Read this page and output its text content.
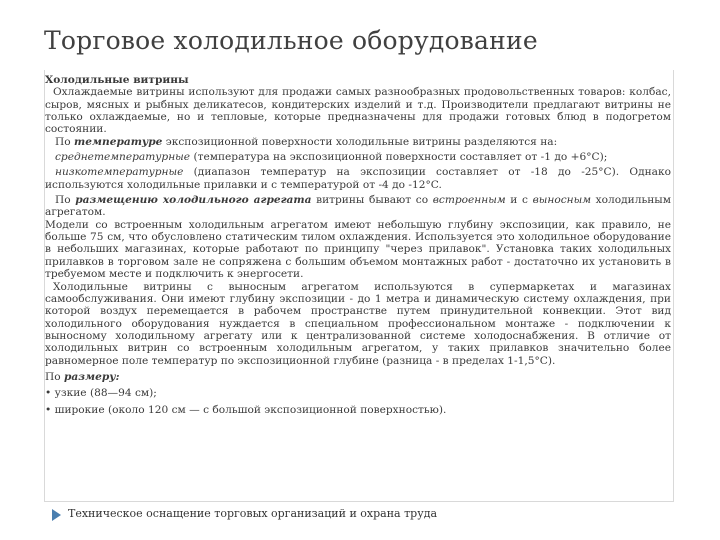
Торговое холодильное оборудование

Холодильные витрины

Охлаждаемые витрины используют для продажи самых разнообразных продовольственных товаров: колбас, сыров, мясных и рыбных деликатесов, кондитерских изделий и т.д. Производители предлагают витрины не только охлаждаемые, но и тепловые, которые предназначены для продажи готовых блюд в подогретом состоянии.

По температуре экспозиционной поверхности холодильные витрины разделяются на:

среднетемпературные (температура на экспозиционной поверхности составляет от -1 до +6°C);

низкотемпературные (диапазон температур на экспозиции составляет от -18 до -25°C). Однако используются холодильные прилавки и с температурой от -4 до -12°C.

По размещению холодильного агрегата витрины бывают со встроенным и с выносным холодильным агрегатом.

Модели со встроенным холодильным агрегатом имеют небольшую глубину экспозиции, как правило, не больше 75 см, что обусловлено статическим тилом охлаждения. Используется это холодильное оборудование в небольших магазинах, которые работают по принципу "через прилавок". Установка таких холодильных прилавков в торговом зале не сопряжена с большим объемом монтажных работ - достаточно их установить в требуемом месте и подключить к энергосети.

Холодильные витрины с выносным агрегатом используются в супермаркетах и магазинах самообслуживания. Они имеют глубину экспозиции - до 1 метра и динамическую систему охлаждения, при которой воздух перемещается в рабочем пространстве путем принудительной конвекции. Этот вид холодильного оборудования нуждается в специальном профессиональном монтаже - подключении к выносному холодильному агрегату или к централизованной системе холодоснабжения. В отличие от холодильных витрин со встроенным холодильным агрегатом, у таких прилавков значительно более равномерное поле температур по экспозиционной глубине (разница - в пределах 1-1,5°C).

По размеру:

• узкие (88—94 см);

• широкие (около 120 см — с большой экспозиционной поверхностью).

Техническое оснащение торговых организаций и охрана труда
